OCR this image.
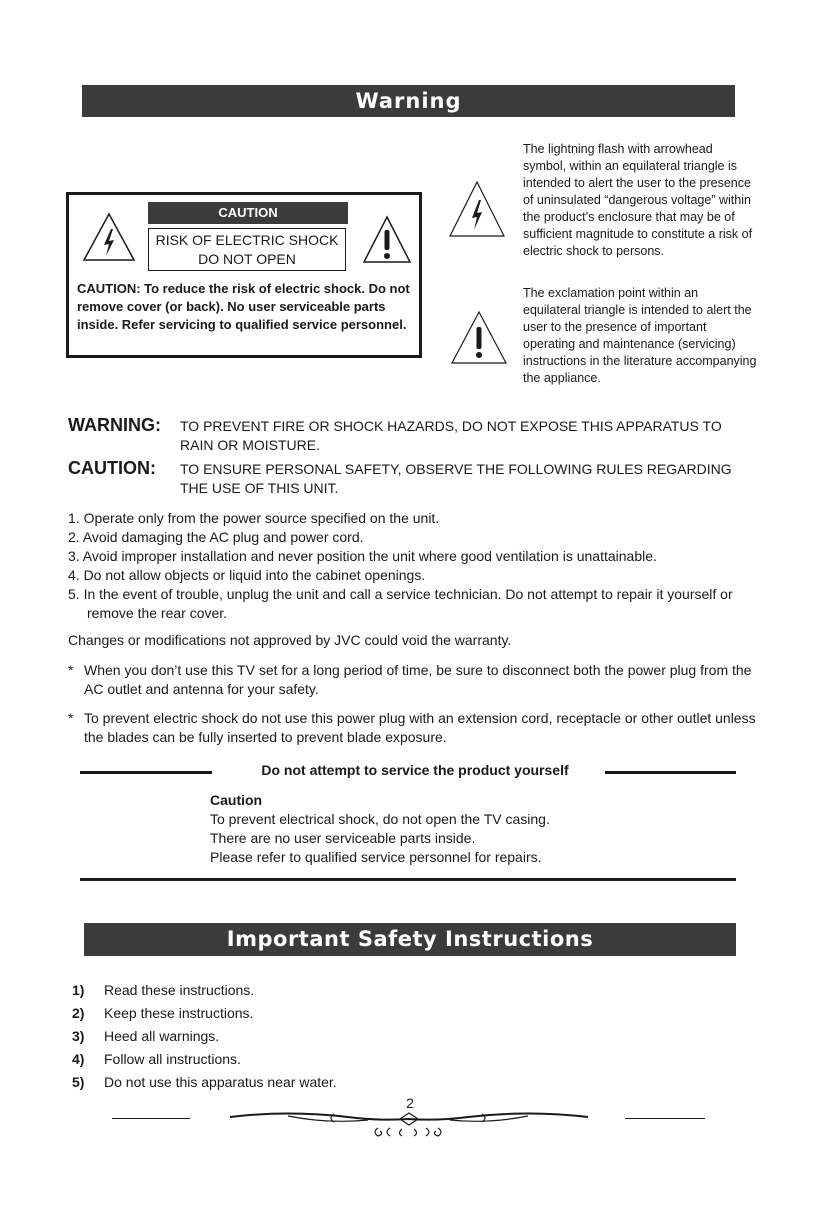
Warning
CAUTION
RISK OF ELECTRIC SHOCK
DO NOT OPEN
CAUTION: To reduce the risk of electric shock. Do not remove cover (or back). No user serviceable parts inside. Refer servicing to qualified service personnel.
The lightning flash with arrowhead symbol, within an equilateral triangle is intended to alert the user to the presence of uninsulated “dangerous voltage” within the product’s enclosure that may be of sufficient magnitude to constitute a risk of electric shock to persons.
The exclamation point within an equilateral triangle is intended to alert the user to the presence of important operating and maintenance (servicing) instructions in the literature accompanying the appliance.
WARNING: TO PREVENT FIRE OR SHOCK HAZARDS, DO NOT EXPOSE THIS APPARATUS TO RAIN OR MOISTURE.
CAUTION: TO ENSURE PERSONAL SAFETY, OBSERVE THE FOLLOWING RULES REGARDING THE USE OF THIS UNIT.
1. Operate only from the power source specified on the unit.
2. Avoid damaging the AC plug and power cord.
3. Avoid improper installation and never position the unit where good ventilation is unattainable.
4. Do not allow objects or liquid into the cabinet openings.
5. In the event of trouble, unplug the unit and call a service technician. Do not attempt to repair it yourself or remove the rear cover.
Changes or modifications not approved by JVC could void the warranty.
* When you don’t use this TV set for a long period of time, be sure to disconnect both the power plug from the AC outlet and antenna for your safety.
* To prevent electric shock do not use this power plug with an extension cord, receptacle or other outlet unless the blades can be fully inserted to prevent blade exposure.
Do not attempt to service the product yourself
Caution
To prevent electrical shock, do not open the TV casing.
There are no user serviceable parts inside.
Please refer to qualified service personnel for repairs.
Important Safety Instructions
1) Read these instructions.
2) Keep these instructions.
3) Heed all warnings.
4) Follow all instructions.
5) Do not use this apparatus near water.
2
